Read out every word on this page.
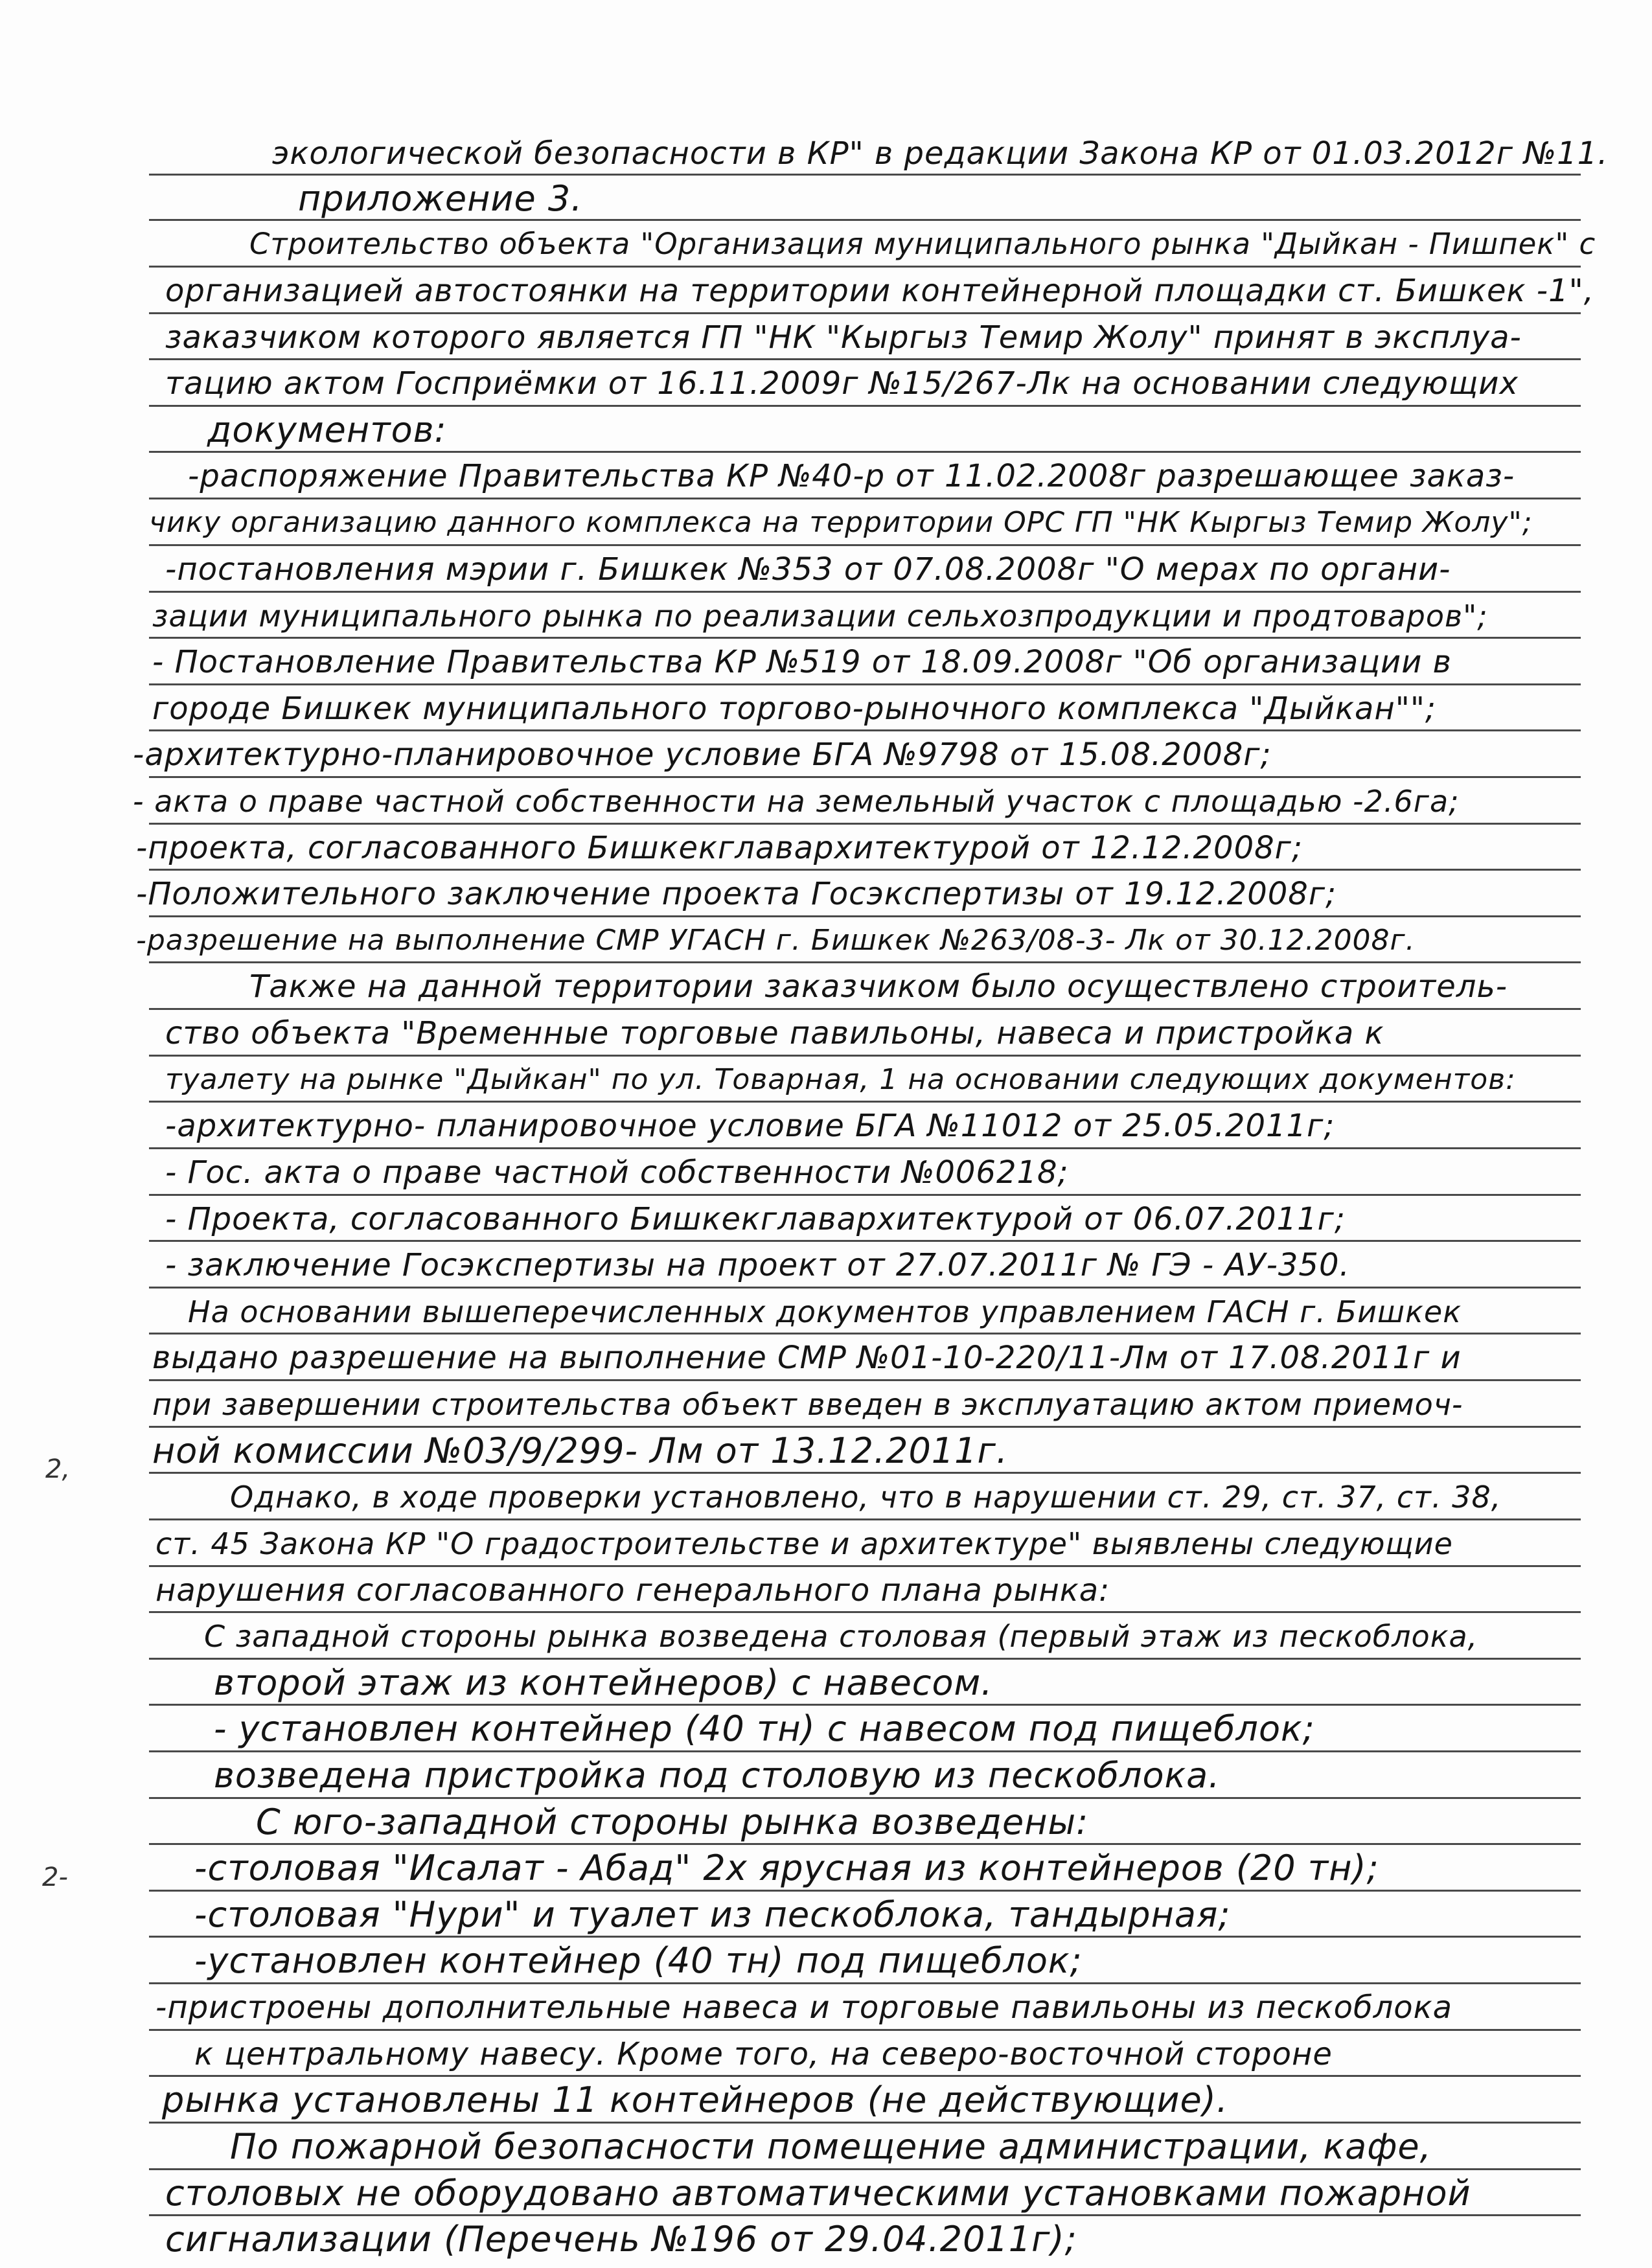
экологической безопасности в КР" в редакции Закона КР от 01.03.2012г №11.
приложение 3.
Строительство объекта "Организация муниципального рынка "Дыйкан - Пишпек" с
организацией автостоянки на территории контейнерной площадки ст. Бишкек -1",
заказчиком которого является ГП "НК "Кыргыз Темир Жолу" принят в эксплуа-
тацию актом Госприёмки от 16.11.2009г №15/267-Лк на основании следующих
документов:
-распоряжение Правительства КР №40-р от 11.02.2008г разрешающее заказ-
чику организацию данного комплекса на территории ОРС ГП "НК Кыргыз Темир Жолу";
-постановления мэрии г. Бишкек №353 от 07.08.2008г "О мерах по органи-
зации муниципального рынка по реализации сельхозпродукции и продтоваров";
- Постановление Правительства КР №519 от 18.09.2008г "Об организации в
городе Бишкек муниципального торгово-рыночного комплекса "Дыйкан"";
-архитектурно-планировочное условие БГА №9798 от 15.08.2008г;
- акта о праве частной собственности на земельный участок с площадью -2.6га;
-проекта, согласованного Бишкекглавархитектурой от 12.12.2008г;
-Положительного заключение проекта Госэкспертизы от 19.12.2008г;
-разрешение на выполнение СМР УГАСН г. Бишкек №263/08-3- Лк от 30.12.2008г.
Также на данной территории заказчиком было осуществлено строитель-
ство объекта "Временные торговые павильоны, навеса и пристройка к
туалету на рынке "Дыйкан" по ул. Товарная, 1 на основании следующих документов:
-архитектурно- планировочное условие БГА №11012 от 25.05.2011г;
- Гос. акта о праве частной собственности №006218;
- Проекта, согласованного Бишкекглавархитектурой от 06.07.2011г;
- заключение Госэкспертизы на проект от 27.07.2011г № ГЭ - АУ-350.
На основании вышеперечисленных документов управлением ГАСН г. Бишкек
выдано разрешение на выполнение СМР №01-10-220/11-Лм от 17.08.2011г и
при завершении строительства объект введен в эксплуатацию актом приемоч-
ной комиссии №03/9/299- Лм от 13.12.2011г.
Однако, в ходе проверки установлено, что в нарушении ст. 29, ст. 37, ст. 38,
ст. 45 Закона КР "О градостроительстве и архитектуре" выявлены следующие
нарушения согласованного генерального плана рынка:
С западной стороны рынка возведена столовая (первый этаж из пескоблока,
второй этаж из контейнеров) с навесом.
- установлен контейнер (40 тн) с навесом под пищеблок;
возведена пристройка под столовую из пескоблока.
С юго-западной стороны рынка возведены:
-столовая "Исалат - Абад" 2х ярусная из контейнеров (20 тн);
-столовая "Нури" и туалет из пескоблока, тандырная;
-установлен контейнер (40 тн) под пищеблок;
-пристроены дополнительные навеса и торговые павильоны из пескоблока
к центральному навесу. Кроме того, на северо-восточной стороне
рынка установлены 11 контейнеров (не действующие).
По пожарной безопасности помещение администрации, кафе,
столовых не оборудовано автоматическими установками пожарной
сигнализации (Перечень №196 от 29.04.2011г);
2,
2-
